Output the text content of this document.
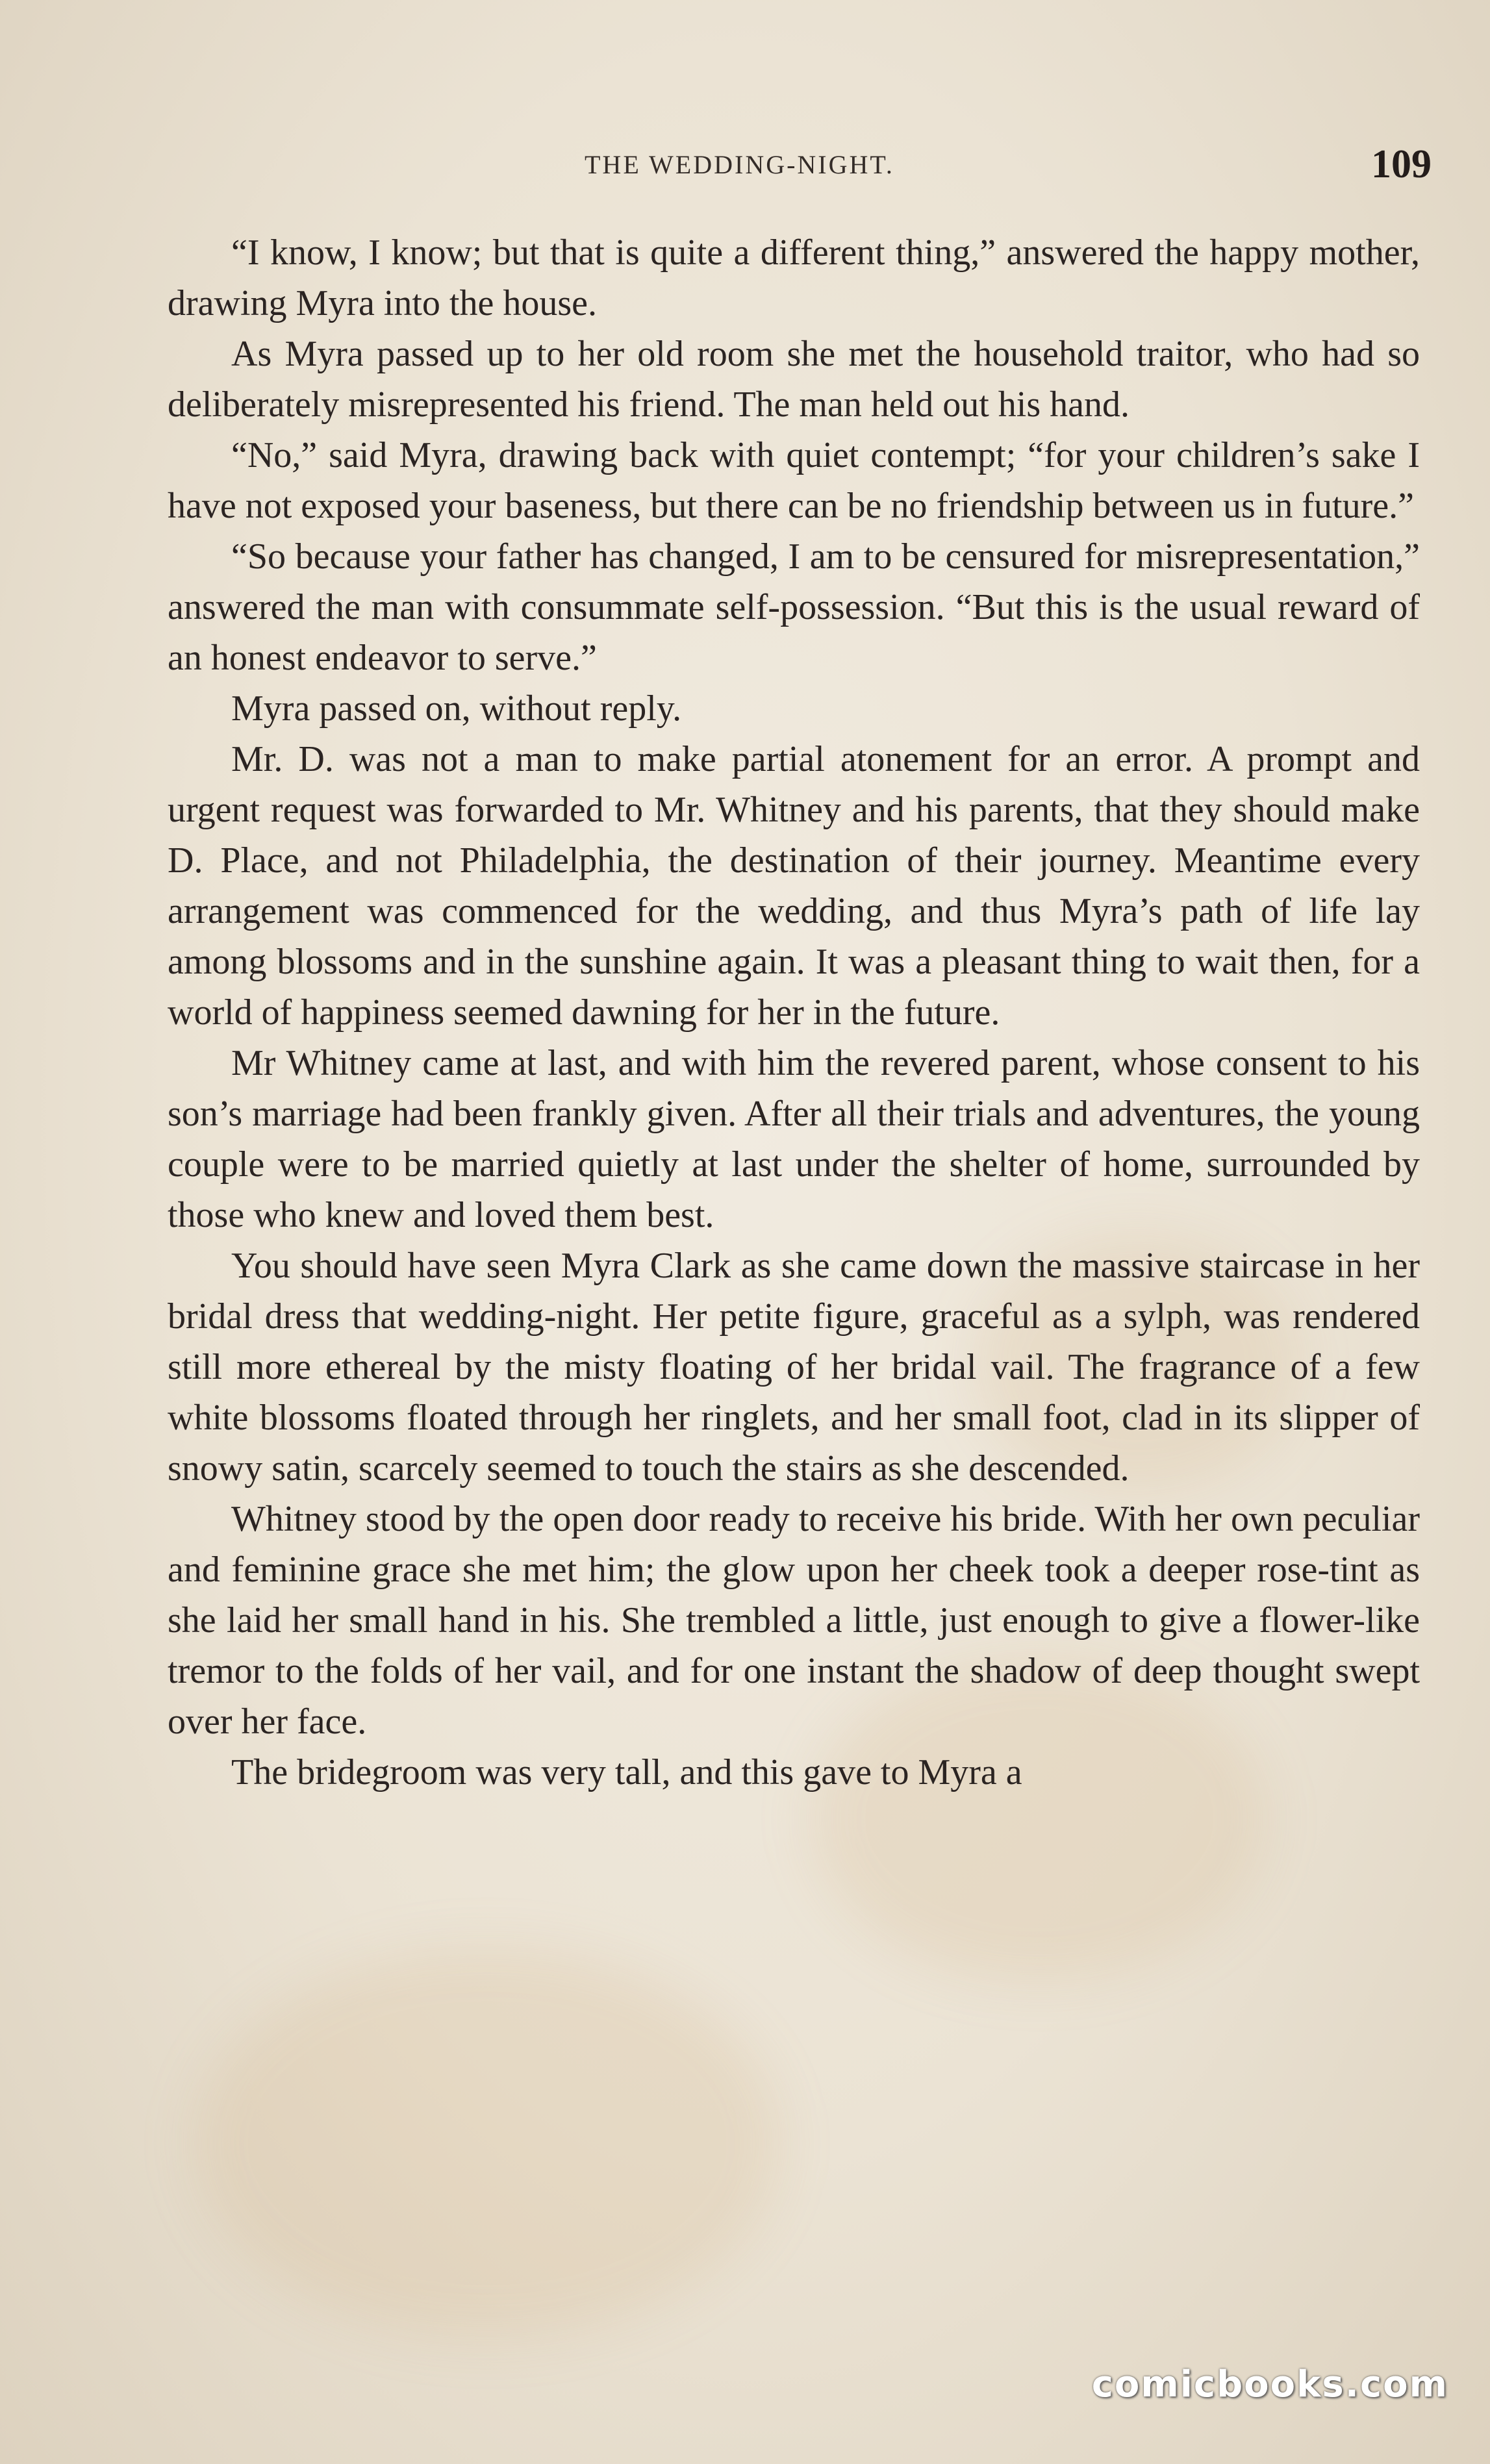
THE WEDDING-NIGHT.	109

“I know, I know; but that is quite a different thing,” answered the happy mother, drawing Myra into the house.

As Myra passed up to her old room she met the household traitor, who had so deliberately misrepresented his friend. The man held out his hand.

“No,” said Myra, drawing back with quiet contempt; “for your children’s sake I have not exposed your baseness, but there can be no friendship between us in future.”

“So because your father has changed, I am to be censured for misrepresentation,” answered the man with consummate self-possession. “But this is the usual reward of an honest endeavor to serve.”

Myra passed on, without reply.

Mr. D. was not a man to make partial atonement for an error. A prompt and urgent request was forwarded to Mr. Whitney and his parents, that they should make D. Place, and not Philadelphia, the destination of their journey. Meantime every arrangement was commenced for the wedding, and thus Myra’s path of life lay among blossoms and in the sunshine again. It was a pleasant thing to wait then, for a world of happiness seemed dawning for her in the future.

Mr Whitney came at last, and with him the revered parent, whose consent to his son’s marriage had been frankly given. After all their trials and adventures, the young couple were to be married quietly at last under the shelter of home, surrounded by those who knew and loved them best.

You should have seen Myra Clark as she came down the massive staircase in her bridal dress that wedding-night. Her petite figure, graceful as a sylph, was rendered still more ethereal by the misty floating of her bridal vail. The fragrance of a few white blossoms floated through her ringlets, and her small foot, clad in its slipper of snowy satin, scarcely seemed to touch the stairs as she descended.

Whitney stood by the open door ready to receive his bride. With her own peculiar and feminine grace she met him; the glow upon her cheek took a deeper rose-tint as she laid her small hand in his. She trembled a little, just enough to give a flower-like tremor to the folds of her vail, and for one instant the shadow of deep thought swept over her face.

The bridegroom was very tall, and this gave to Myra a

comicbooks.com
